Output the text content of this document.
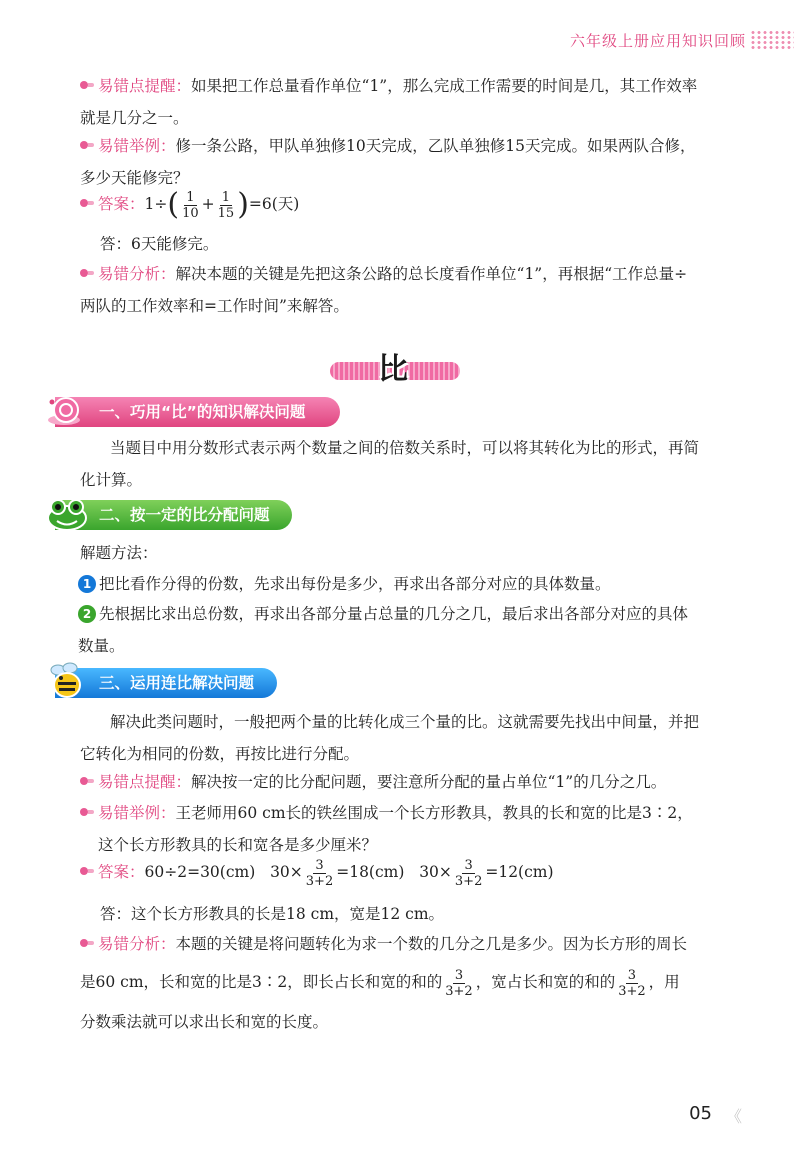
六年级上册应用知识回顾
易错点提醒：如果把工作总量看作单位“1”，那么完成工作需要的时间是几，其工作效率
就是几分之一。
易错举例：修一条公路，甲队单独修10天完成，乙队单独修15天完成。如果两队合修，
多少天能修完？
答案：$1\div( \frac{1}{10} + \frac{1}{15} )=6$(天)
答：6天能修完。
易错分析：解决本题的关键是先把这条公路的总长度看作单位“1”，再根据“工作总量÷
两队的工作效率和=工作时间”来解答。
比
一、巧用“比”的知识解决问题
当题目中用分数形式表示两个数量之间的倍数关系时，可以将其转化为比的形式，再简
化计算。
二、按一定的比分配问题
解题方法：
1 把比看作分得的份数，先求出每份是多少，再求出各部分对应的具体数量。
2 先根据比求出总份数，再求出各部分量占总量的几分之几，最后求出各部分对应的具体
数量。
三、运用连比解决问题
解决此类问题时，一般把两个量的比转化成三个量的比。这就需要先找出中间量，并把
它转化为相同的份数，再按比进行分配。
易错点提醒：解决按一定的比分配问题，要注意所分配的量占单位“1”的几分之几。
易错举例：王老师用60 cm长的铁丝围成一个长方形教具，教具的长和宽的比是3∶2，
这个长方形教具的长和宽各是多少厘米？
答案：60÷2=30(cm) $30\times \frac{3}{3+2} =18(cm)$ $30\times \frac{3}{3+2} =12(cm)$
答：这个长方形教具的长是18 cm，宽是12 cm。
易错分析：本题的关键是将问题转化为求一个数的几分之几是多少。因为长方形的周长
是60 cm，长和宽的比是3∶2，即长占长和宽的和的 $\frac{3}{3+2}$ ，宽占长和宽的和的 $\frac{3}{3+2}$ ，用
分数乘法就可以求出长和宽的长度。
05 《
